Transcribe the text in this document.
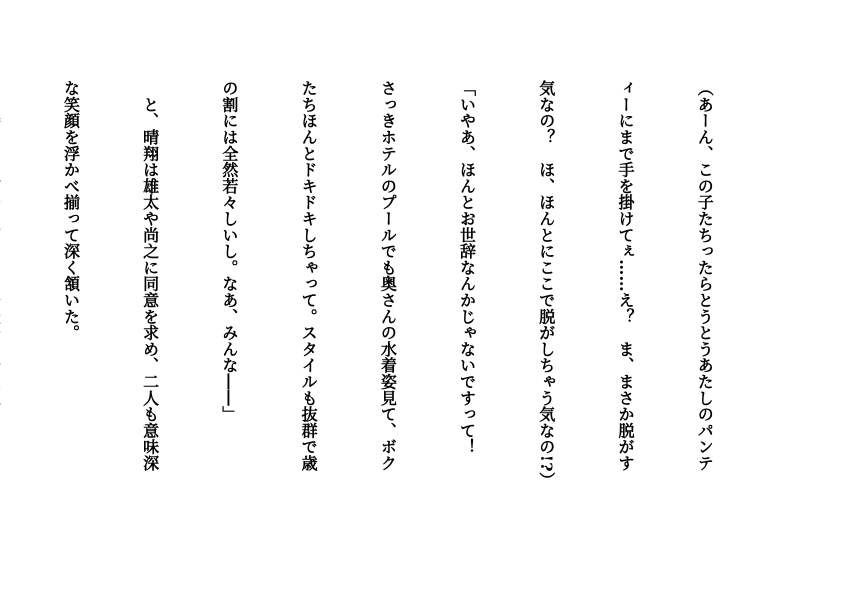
（あーん、この子たちったらとうとうあたしのパンテ

ィーにまで手を掛けてぇ……え？　ま、まさか脱がす

気なの？　ほ、ほんとにここで脱がしちゃう気なの!?）

「いやあ、ほんとお世辞なんかじゃないですって！

さっきホテルのプールでも奥さんの水着姿見て、ボク

たちほんとドキドキしちゃって。スタイルも抜群で歳

の割には全然若々しいし。なあ、みんな――」

　と、晴翔は雄太や尚之に同意を求め、二人も意味深

な笑顔を浮かべ揃って深く頷いた。
